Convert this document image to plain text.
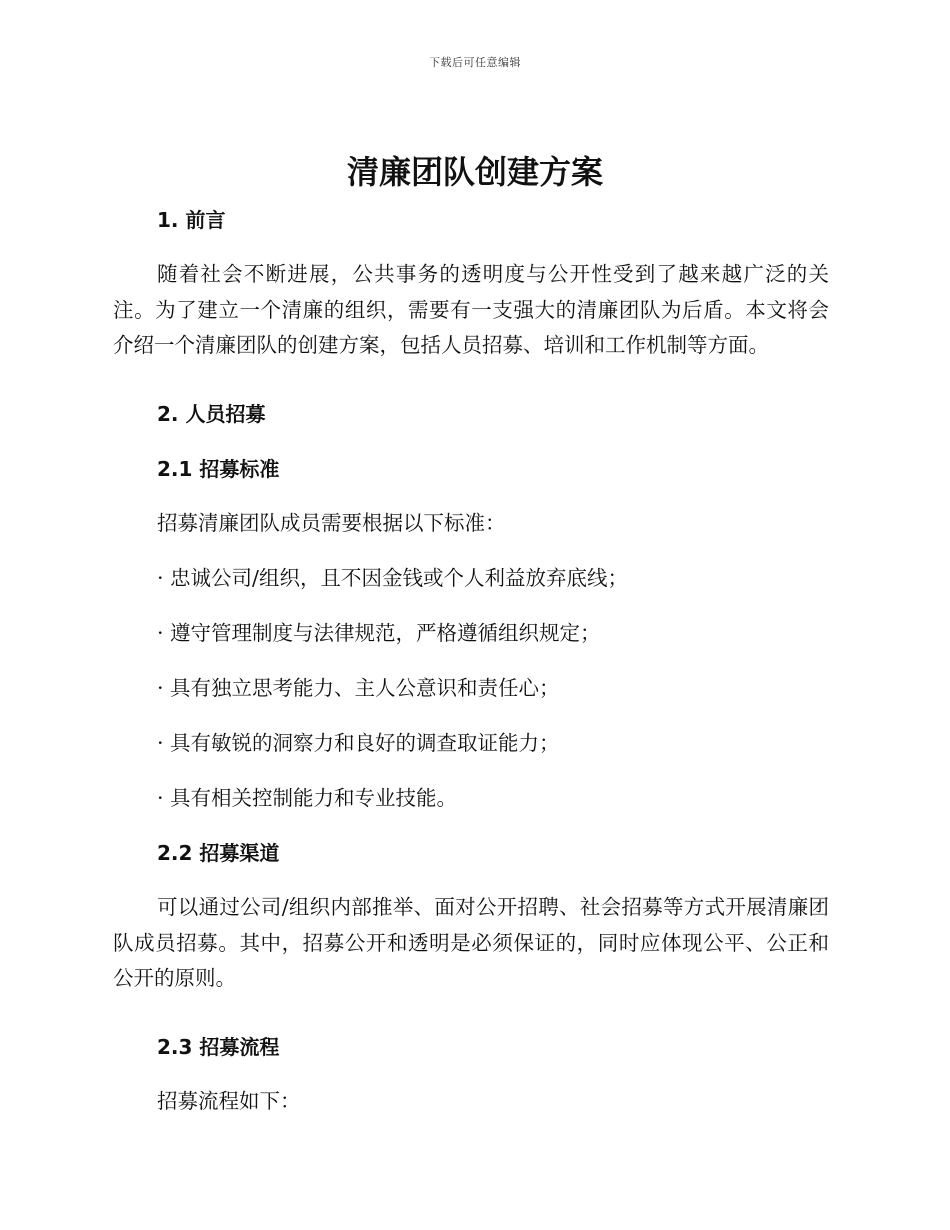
下载后可任意编辑
清廉团队创建方案
1. 前言

随着社会不断进展，公共事务的透明度与公开性受到了越来越广泛的关注。为了建立一个清廉的组织，需要有一支强大的清廉团队为后盾。本文将会介绍一个清廉团队的创建方案，包括人员招募、培训和工作机制等方面。

2. 人员招募
2.1 招募标准
招募清廉团队成员需要根据以下标准：
· 忠诚公司/组织，且不因金钱或个人利益放弃底线；
· 遵守管理制度与法律规范，严格遵循组织规定；
· 具有独立思考能力、主人公意识和责任心；
· 具有敏锐的洞察力和良好的调查取证能力；
· 具有相关控制能力和专业技能。
2.2 招募渠道

可以通过公司/组织内部推举、面对公开招聘、社会招募等方式开展清廉团队成员招募。其中，招募公开和透明是必须保证的，同时应体现公平、公正和公开的原则。

2.3 招募流程
招募流程如下：
